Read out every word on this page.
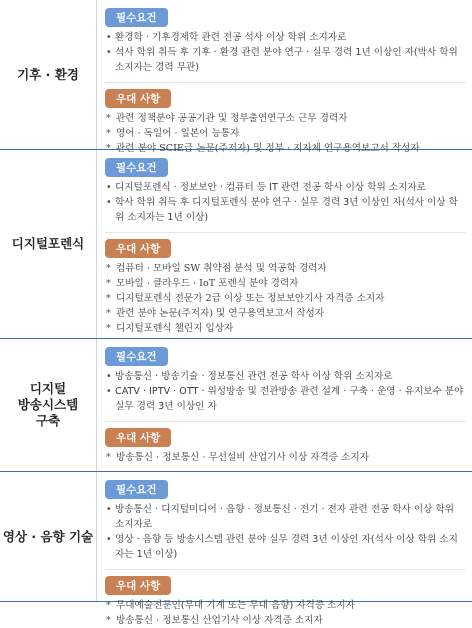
기후 · 환경
필수요건
• 환경학 · 기후경제학 관련 전공 석사 이상 학위 소지자로
• 석사 학위 취득 후 기후 · 환경 관련 분야 연구 · 실무 경력 1년 이상인 자(박사 학위 소지자는 경력 무관)
우대 사항
* 관련 정책분야 공공기관 및 정부출연연구소 근무 경력자
* 영어 · 독일어 · 일본어 능통자
* 관련 분야 SCIE급 논문(주저자) 및 정부 · 지자체 연구용역보고서 작성자
디지털포렌식
필수요건
• 디지털포렌식 · 정보보안 · 컴퓨터 등 IT 관련 전공 학사 이상 학위 소지자로
• 학사 학위 취득 후 디지털포렌식 분야 연구 · 실무 경력 3년 이상인 자(석사 이상 학위 소지자는 1년 이상)
우대 사항
* 컴퓨터 · 모바일 SW 취약점 분석 및 역공학 경력자
* 모바일 · 클라우드 · IoT 포렌식 분야 경력자
* 디지털포렌식 전문가 2급 이상 또는 정보보안기사 자격증 소지자
* 관련 분야 논문(주저자) 및 연구용역보고서 작성자
* 디지털포렌식 챌린지 입상자
디지털
방송시스템
구축
필수요건
• 방송통신 · 방송기술 · 정보통신 관련 전공 학사 이상 학위 소지자로
• CATV · IPTV · OTT · 위성방송 및 전관방송 관련 설계 · 구축 · 운영 · 유지보수 분야 실무 경력 3년 이상인 자
우대 사항
* 방송통신 · 정보통신 · 무선설비 산업기사 이상 자격증 소지자
영상 · 음향 기술
필수요건
• 방송통신 · 디지털미디어 · 음향 · 정보통신 · 전기 · 전자 관련 전공 학사 이상 학위 소지자로
• 영상 · 음향 등 방송시스템 관련 분야 실무 경력 3년 이상인 자(석사 이상 학위 소지자는 1년 이상)
우대 사항
* 무대예술전문인(무대 기계 또는 무대 음향) 자격증 소지자
* 방송통신 · 정보통신 산업기사 이상 자격증 소지자
